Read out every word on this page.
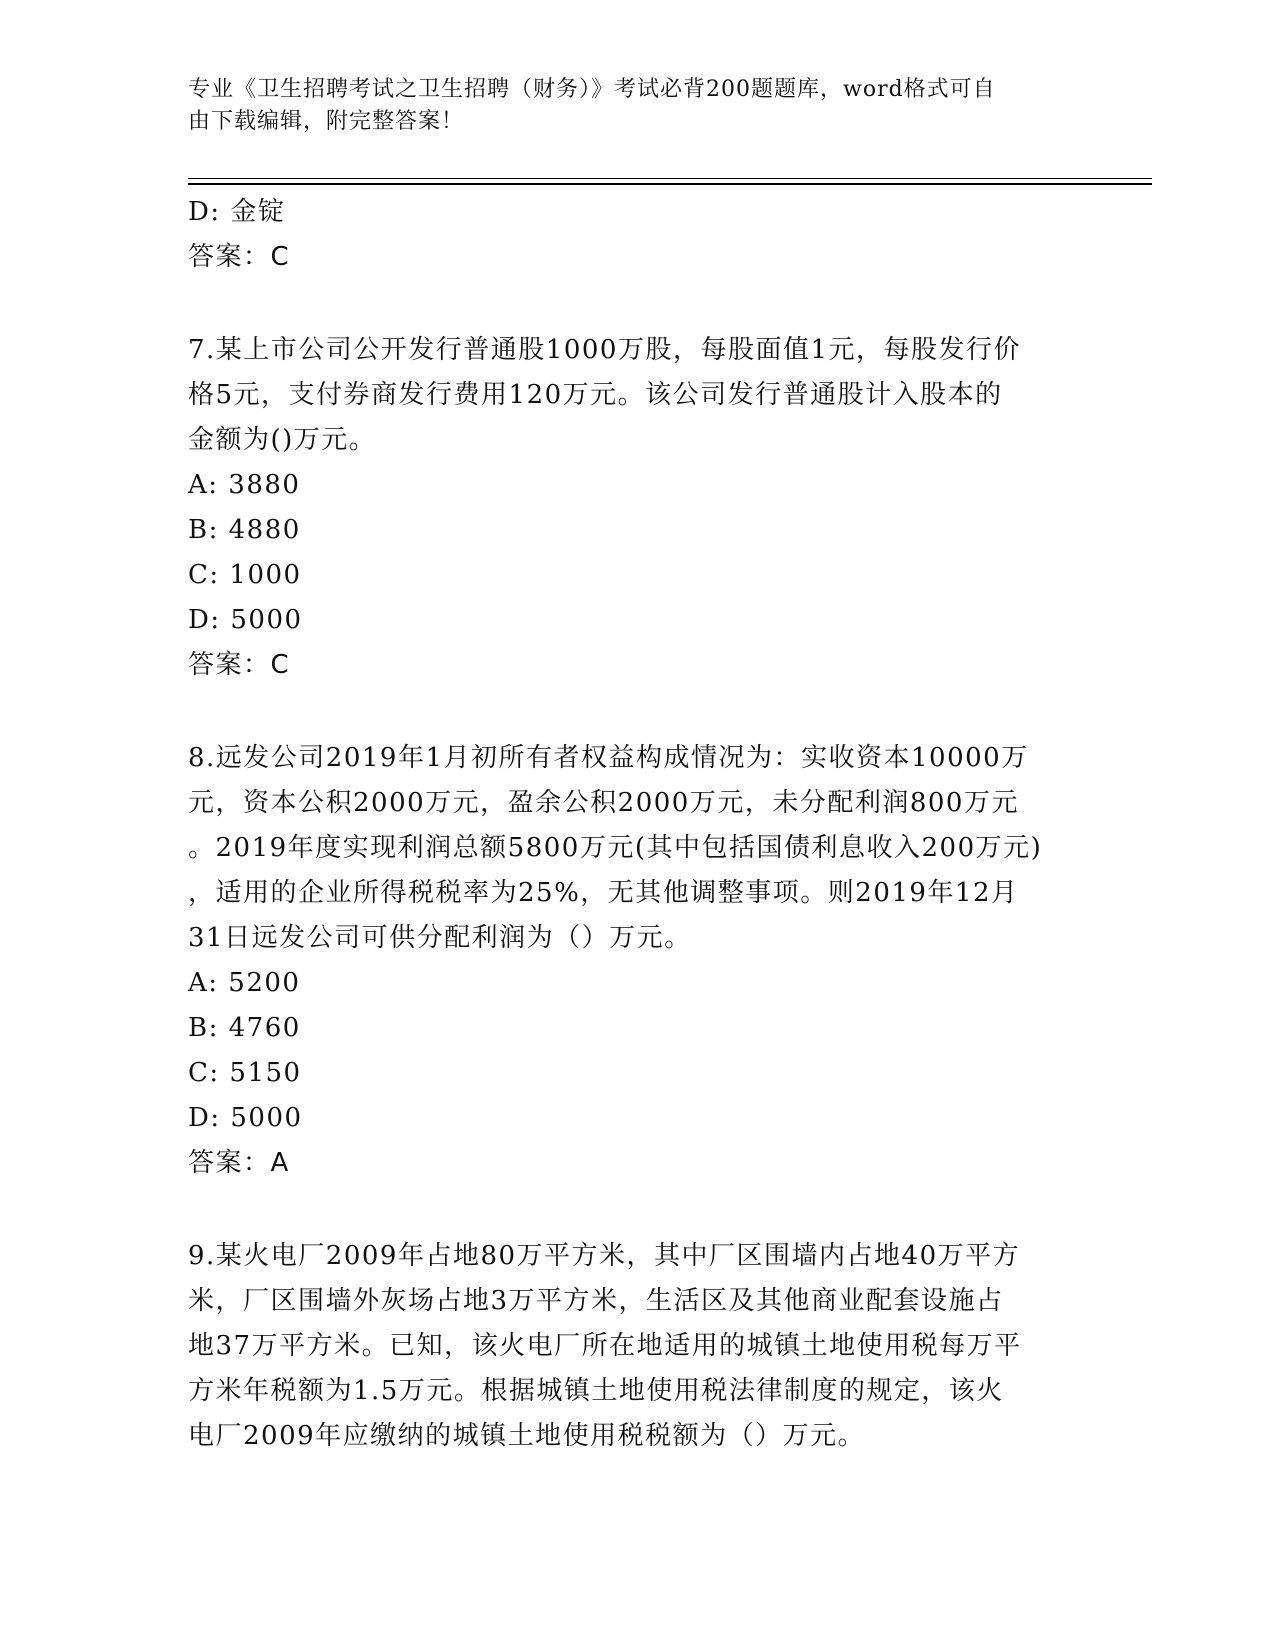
专业《卫生招聘考试之卫生招聘（财务）》考试必背200题题库，word格式可自
由下载编辑，附完整答案！
D: 金锭
答案：C
7.某上市公司公开发行普通股1000万股，每股面值1元，每股发行价
格5元，支付券商发行费用120万元。该公司发行普通股计入股本的
金额为()万元。
A: 3880
B: 4880
C: 1000
D: 5000
答案：C
8.远发公司2019年1月初所有者权益构成情况为：实收资本10000万
元，资本公积2000万元，盈余公积2000万元，未分配利润800万元
。2019年度实现利润总额5800万元(其中包括国债利息收入200万元)
，适用的企业所得税税率为25%，无其他调整事项。则2019年12月
31日远发公司可供分配利润为（）万元。
A: 5200
B: 4760
C: 5150
D: 5000
答案：A
9.某火电厂2009年占地80万平方米，其中厂区围墙内占地40万平方
米，厂区围墙外灰场占地3万平方米，生活区及其他商业配套设施占
地37万平方米。已知，该火电厂所在地适用的城镇土地使用税每万平
方米年税额为1.5万元。根据城镇土地使用税法律制度的规定，该火
电厂2009年应缴纳的城镇土地使用税税额为（）万元。
